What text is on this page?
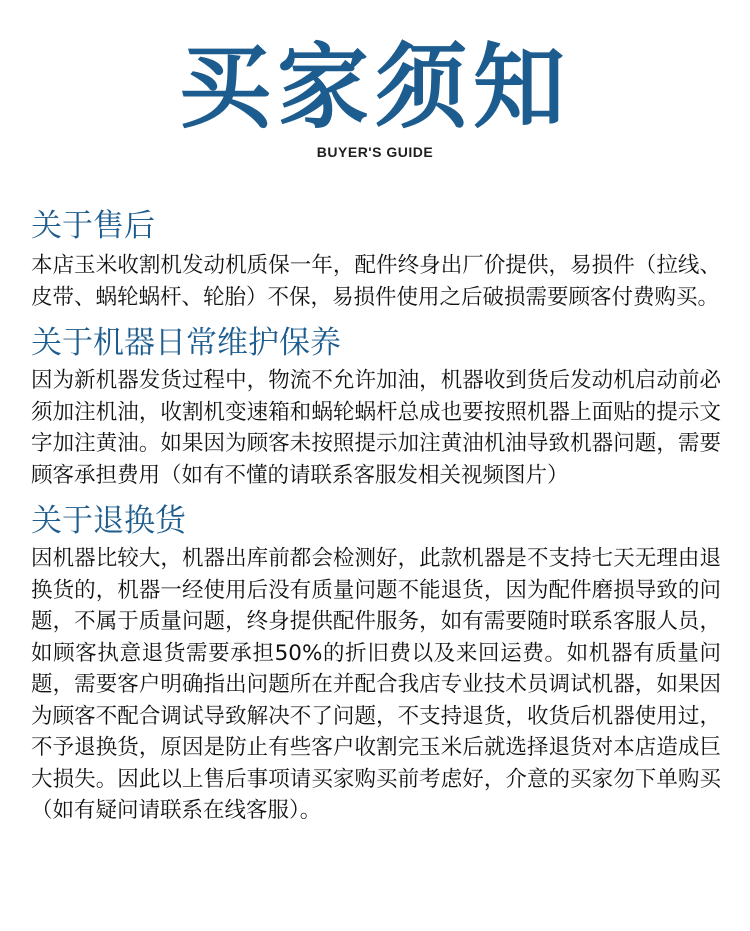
买家须知
BUYER'S GUIDE
关于售后
本店玉米收割机发动机质保一年，配件终身出厂价提供，易损件（拉线、皮带、蜗轮蜗杆、轮胎）不保，易损件使用之后破损需要顾客付费购买。
关于机器日常维护保养
因为新机器发货过程中，物流不允许加油，机器收到货后发动机启动前必须加注机油，收割机变速箱和蜗轮蜗杆总成也要按照机器上面贴的提示文字加注黄油。如果因为顾客未按照提示加注黄油机油导致机器问题，需要顾客承担费用（如有不懂的请联系客服发相关视频图片）
关于退换货
因机器比较大，机器出库前都会检测好，此款机器是不支持七天无理由退换货的，机器一经使用后没有质量问题不能退货，因为配件磨损导致的问题，不属于质量问题，终身提供配件服务，如有需要随时联系客服人员，如顾客执意退货需要承担50%的折旧费以及来回运费。如机器有质量问题，需要客户明确指出问题所在并配合我店专业技术员调试机器，如果因为顾客不配合调试导致解决不了问题，不支持退货，收货后机器使用过，不予退换货，原因是防止有些客户收割完玉米后就选择退货对本店造成巨大损失。因此以上售后事项请买家购买前考虑好，介意的买家勿下单购买（如有疑问请联系在线客服）。
